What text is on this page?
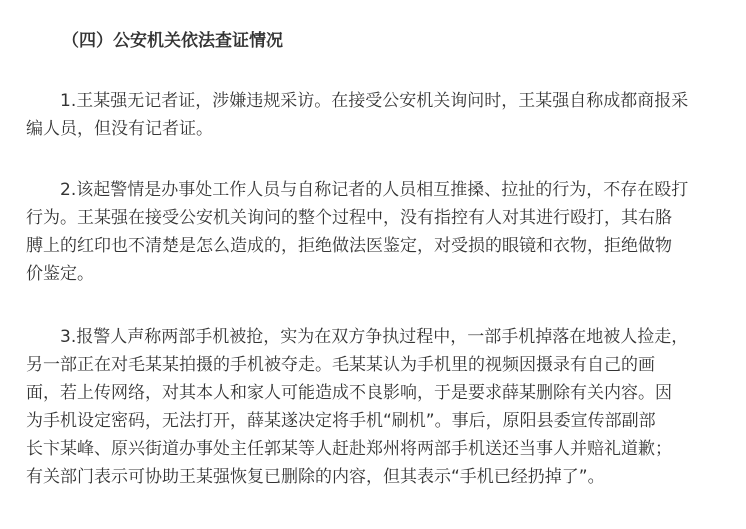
（四）公安机关依法查证情况
1.王某强无记者证，涉嫌违规采访。在接受公安机关询问时，王某强自称成都商报采
编人员，但没有记者证。
2.该起警情是办事处工作人员与自称记者的人员相互推搡、拉扯的行为，不存在殴打
行为。王某强在接受公安机关询问的整个过程中，没有指控有人对其进行殴打，其右胳
膊上的红印也不清楚是怎么造成的，拒绝做法医鉴定，对受损的眼镜和衣物，拒绝做物
价鉴定。
3.报警人声称两部手机被抢，实为在双方争执过程中，一部手机掉落在地被人捡走，
另一部正在对毛某某拍摄的手机被夺走。毛某某认为手机里的视频因摄录有自己的画
面，若上传网络，对其本人和家人可能造成不良影响，于是要求薛某删除有关内容。因
为手机设定密码，无法打开，薛某遂决定将手机“刷机”。事后，原阳县委宣传部副部
长卞某峰、原兴街道办事处主任郭某等人赶赴郑州将两部手机送还当事人并赔礼道歉；
有关部门表示可协助王某强恢复已删除的内容，但其表示“手机已经扔掉了”。
